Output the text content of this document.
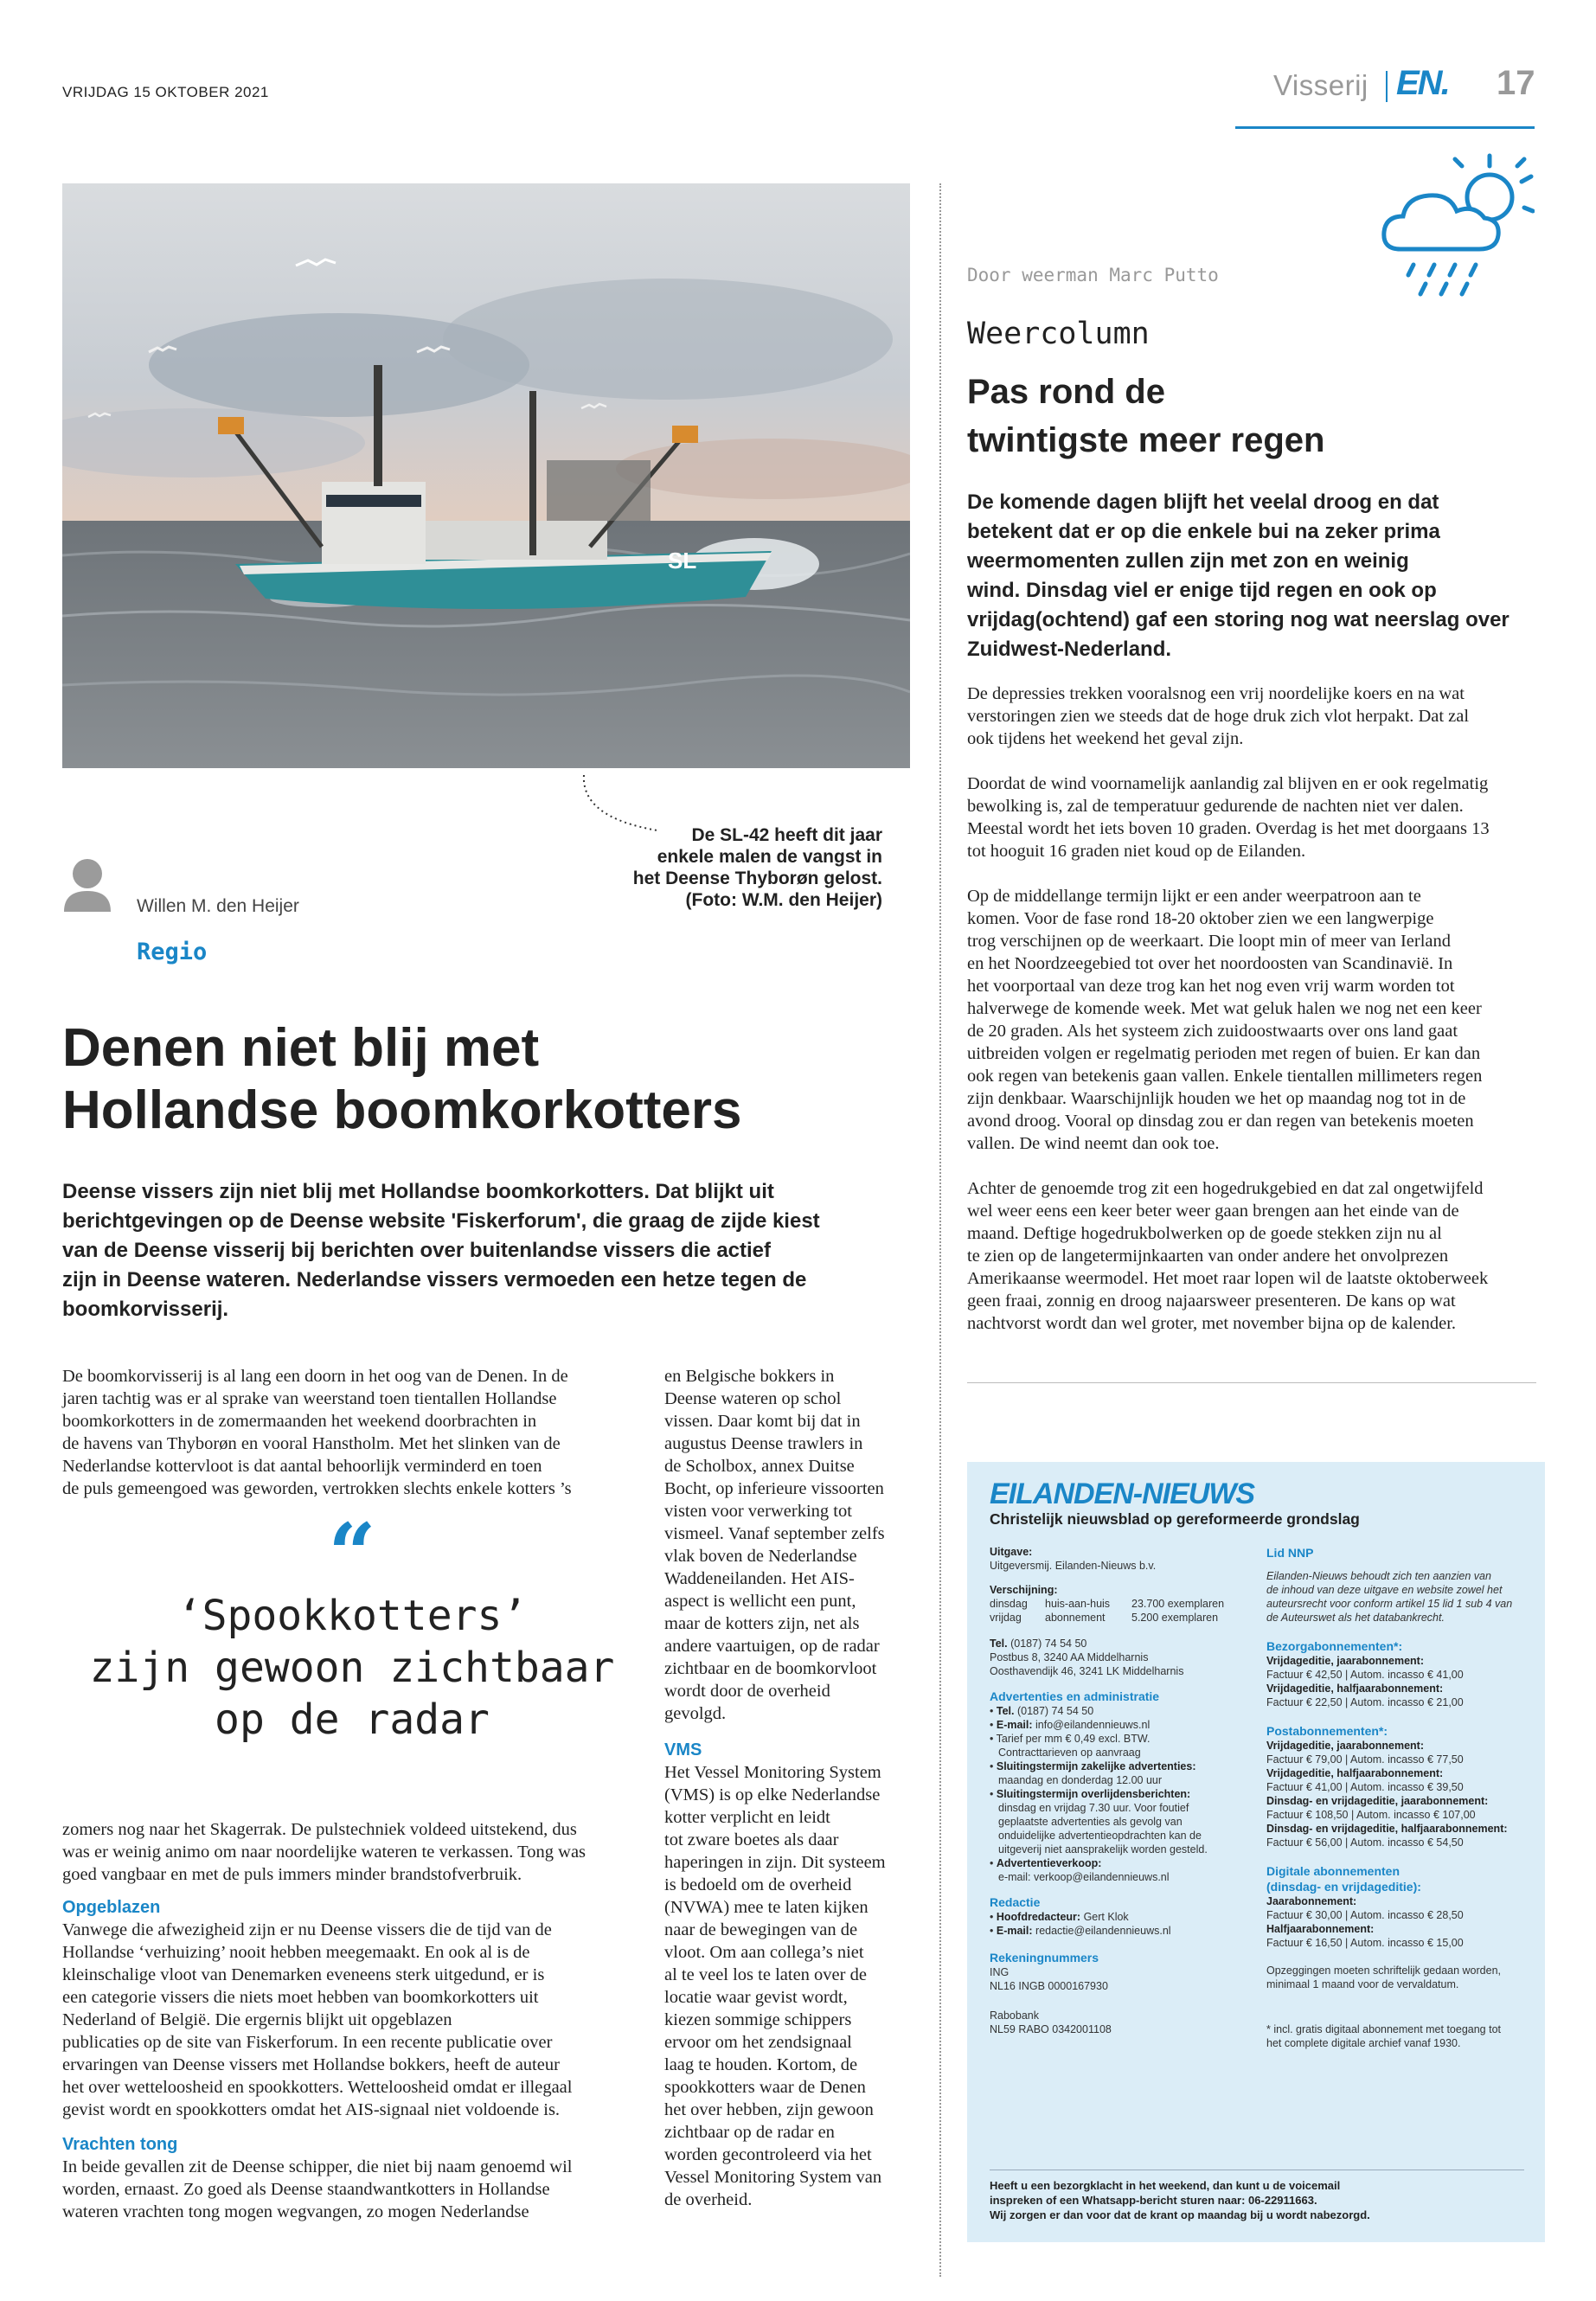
VRIJDAG 15 OKTOBER 2021	Visserij EN. 17
SL
De SL-42 heeft dit jaar
enkele malen de vangst in
het Deense Thyborøn gelost.
(Foto: W.M. den Heijer)
Willen M. den Heijer
Regio
Denen niet blij met
Hollandse boomkorkotters
Deense vissers zijn niet blij met Hollandse boomkorkotters. Dat blijkt uit
berichtgevingen op de Deense website 'Fiskerforum', die graag de zijde kiest
van de Deense visserij bij berichten over buitenlandse vissers die actief
zijn in Deense wateren. Nederlandse vissers vermoeden een hetze tegen de
boomkorvisserij.
De boomkorvisserij is al lang een doorn in het oog van de Denen. In de
jaren tachtig was er al sprake van weerstand toen tientallen Hollandse
boomkorkotters in de zomermaanden het weekend doorbrachten in
de havens van Thyborøn en vooral Hanstholm. Met het slinken van de
Nederlandse kottervloot is dat aantal behoorlijk verminderd en toen
de puls gemeengoed was geworden, vertrokken slechts enkele kotters ’s
“
‘Spookkotters’
zijn gewoon zichtbaar
op de radar
zomers nog naar het Skagerrak. De pulstechniek voldeed uitstekend, dus
was er weinig animo om naar noordelijke wateren te verkassen. Tong was
goed vangbaar en met de puls immers minder brandstofverbruik.
Opgeblazen
Vanwege die afwezigheid zijn er nu Deense vissers die de tijd van de
Hollandse ‘verhuizing’ nooit hebben meegemaakt. En ook al is de
kleinschalige vloot van Denemarken eveneens sterk uitgedund, er is
een categorie vissers die niets moet hebben van boomkorkotters uit
Nederland of België. Die ergernis blijkt uit opgeblazen
publicaties op de site van Fiskerforum. In een recente publicatie over
ervaringen van Deense vissers met Hollandse bokkers, heeft de auteur
het over wetteloosheid en spookkotters. Wetteloosheid omdat er illegaal
gevist wordt en spookkotters omdat het AIS-signaal niet voldoende is.
Vrachten tong
In beide gevallen zit de Deense schipper, die niet bij naam genoemd wil
worden, ernaast. Zo goed als Deense staandwantkotters in Hollandse
wateren vrachten tong mogen wegvangen, zo mogen Nederlandse
en Belgische bokkers in
Deense wateren op schol
vissen. Daar komt bij dat in
augustus Deense trawlers in
de Scholbox, annex Duitse
Bocht, op inferieure vissoorten
visten voor verwerking tot
vismeel. Vanaf september zelfs
vlak boven de Nederlandse
Waddeneilanden. Het AIS-
aspect is wellicht een punt,
maar de kotters zijn, net als
andere vaartuigen, op de radar
zichtbaar en de boomkorvloot
wordt door de overheid
gevolgd.
VMS
Het Vessel Monitoring System
(VMS) is op elke Nederlandse
kotter verplicht en leidt
tot zware boetes als daar
haperingen in zijn. Dit systeem
is bedoeld om de overheid
(NVWA) mee te laten kijken
naar de bewegingen van de
vloot. Om aan collega’s niet
al te veel los te laten over de
locatie waar gevist wordt,
kiezen sommige schippers
ervoor om het zendsignaal
laag te houden. Kortom, de
spookkotters waar de Denen
het over hebben, zijn gewoon
zichtbaar op de radar en
worden gecontroleerd via het
Vessel Monitoring System van
de overheid.
Door weerman Marc Putto
Weercolumn
Pas rond de
twintigste meer regen
De komende dagen blijft het veelal droog en dat
betekent dat er op die enkele bui na zeker prima
weermomenten zullen zijn met zon en weinig
wind. Dinsdag viel er enige tijd regen en ook op
vrijdag(ochtend) gaf een storing nog wat neerslag over
Zuidwest-Nederland.
De depressies trekken vooralsnog een vrij noordelijke koers en na wat
verstoringen zien we steeds dat de hoge druk zich vlot herpakt. Dat zal
ook tijdens het weekend het geval zijn.
Doordat de wind voornamelijk aanlandig zal blijven en er ook regelmatig
bewolking is, zal de temperatuur gedurende de nachten niet ver dalen.
Meestal wordt het iets boven 10 graden. Overdag is het met doorgaans 13
tot hooguit 16 graden niet koud op de Eilanden.
Op de middellange termijn lijkt er een ander weerpatroon aan te
komen. Voor de fase rond 18-20 oktober zien we een langwerpige
trog verschijnen op de weerkaart. Die loopt min of meer van Ierland
en het Noordzeegebied tot over het noordoosten van Scandinavië. In
het voorportaal van deze trog kan het nog even vrij warm worden tot
halverwege de komende week. Met wat geluk halen we nog net een keer
de 20 graden. Als het systeem zich zuidoostwaarts over ons land gaat
uitbreiden volgen er regelmatig perioden met regen of buien. Er kan dan
ook regen van betekenis gaan vallen. Enkele tientallen millimeters regen
zijn denkbaar. Waarschijnlijk houden we het op maandag nog tot in de
avond droog. Vooral op dinsdag zou er dan regen van betekenis moeten
vallen. De wind neemt dan ook toe.
Achter de genoemde trog zit een hogedrukgebied en dat zal ongetwijfeld
wel weer eens een keer beter weer gaan brengen aan het einde van de
maand. Deftige hogedrukbolwerken op de goede stekken zijn nu al
te zien op de langetermijnkaarten van onder andere het onvolprezen
Amerikaanse weermodel. Het moet raar lopen wil de laatste oktoberweek
geen fraai, zonnig en droog najaarsweer presenteren. De kans op wat
nachtvorst wordt dan wel groter, met november bijna op de kalender.
EILANDEN-NIEUWS
Christelijk nieuwsblad op gereformeerde grondslag
Uitgave:
Uitgeversmij. Eilanden-Nieuws b.v.
Verschijning:
dinsdag	huis-aan-huis	23.700 exemplaren
vrijdag	abonnement	5.200 exemplaren
Tel. (0187) 74 54 50
Postbus 8, 3240 AA Middelharnis
Oosthavendijk 46, 3241 LK Middelharnis
Advertenties en administratie
• Tel. (0187) 74 54 50
• E-mail: info@eilandennieuws.nl
• Tarief per mm € 0,49 excl. BTW.
Contracttarieven op aanvraag
• Sluitingstermijn zakelijke advertenties:
maandag en donderdag 12.00 uur
• Sluitingstermijn overlijdensberichten:
dinsdag en vrijdag 7.30 uur. Voor foutief
geplaatste advertenties als gevolg van
onduidelijke advertentieopdrachten kan de
uitgeverij niet aansprakelijk worden gesteld.
• Advertentieverkoop:
e-mail: verkoop@eilandennieuws.nl
Redactie
• Hoofdredacteur: Gert Klok
• E-mail: redactie@eilandennieuws.nl
Rekeningnummers
ING
NL16 INGB 0000167930
Rabobank
NL59 RABO 0342001108
Lid NNP
Eilanden-Nieuws behoudt zich ten aanzien van
de inhoud van deze uitgave en website zowel het
auteursrecht voor conform artikel 15 lid 1 sub 4 van
de Auteurswet als het databankrecht.
Bezorgabonnementen*:
Vrijdageditie, jaarabonnement:
Factuur € 42,50 | Autom. incasso € 41,00
Vrijdageditie, halfjaarabonnement:
Factuur € 22,50 | Autom. incasso € 21,00
Postabonnementen*:
Vrijdageditie, jaarabonnement:
Factuur € 79,00 | Autom. incasso € 77,50
Vrijdageditie, halfjaarabonnement:
Factuur € 41,00 | Autom. incasso € 39,50
Dinsdag- en vrijdageditie, jaarabonnement:
Factuur € 108,50 | Autom. incasso € 107,00
Dinsdag- en vrijdageditie, halfjaarabonnement:
Factuur € 56,00 | Autom. incasso € 54,50
Digitale abonnementen
(dinsdag- en vrijdageditie):
Jaarabonnement:
Factuur € 30,00 | Autom. incasso € 28,50
Halfjaarabonnement:
Factuur € 16,50 | Autom. incasso € 15,00
Opzeggingen moeten schriftelijk gedaan worden,
minimaal 1 maand voor de vervaldatum.
* incl. gratis digitaal abonnement met toegang tot
het complete digitale archief vanaf 1930.
Heeft u een bezorgklacht in het weekend, dan kunt u de voicemail
inspreken of een Whatsapp-bericht sturen naar: 06-22911663.
Wij zorgen er dan voor dat de krant op maandag bij u wordt nabezorgd.
